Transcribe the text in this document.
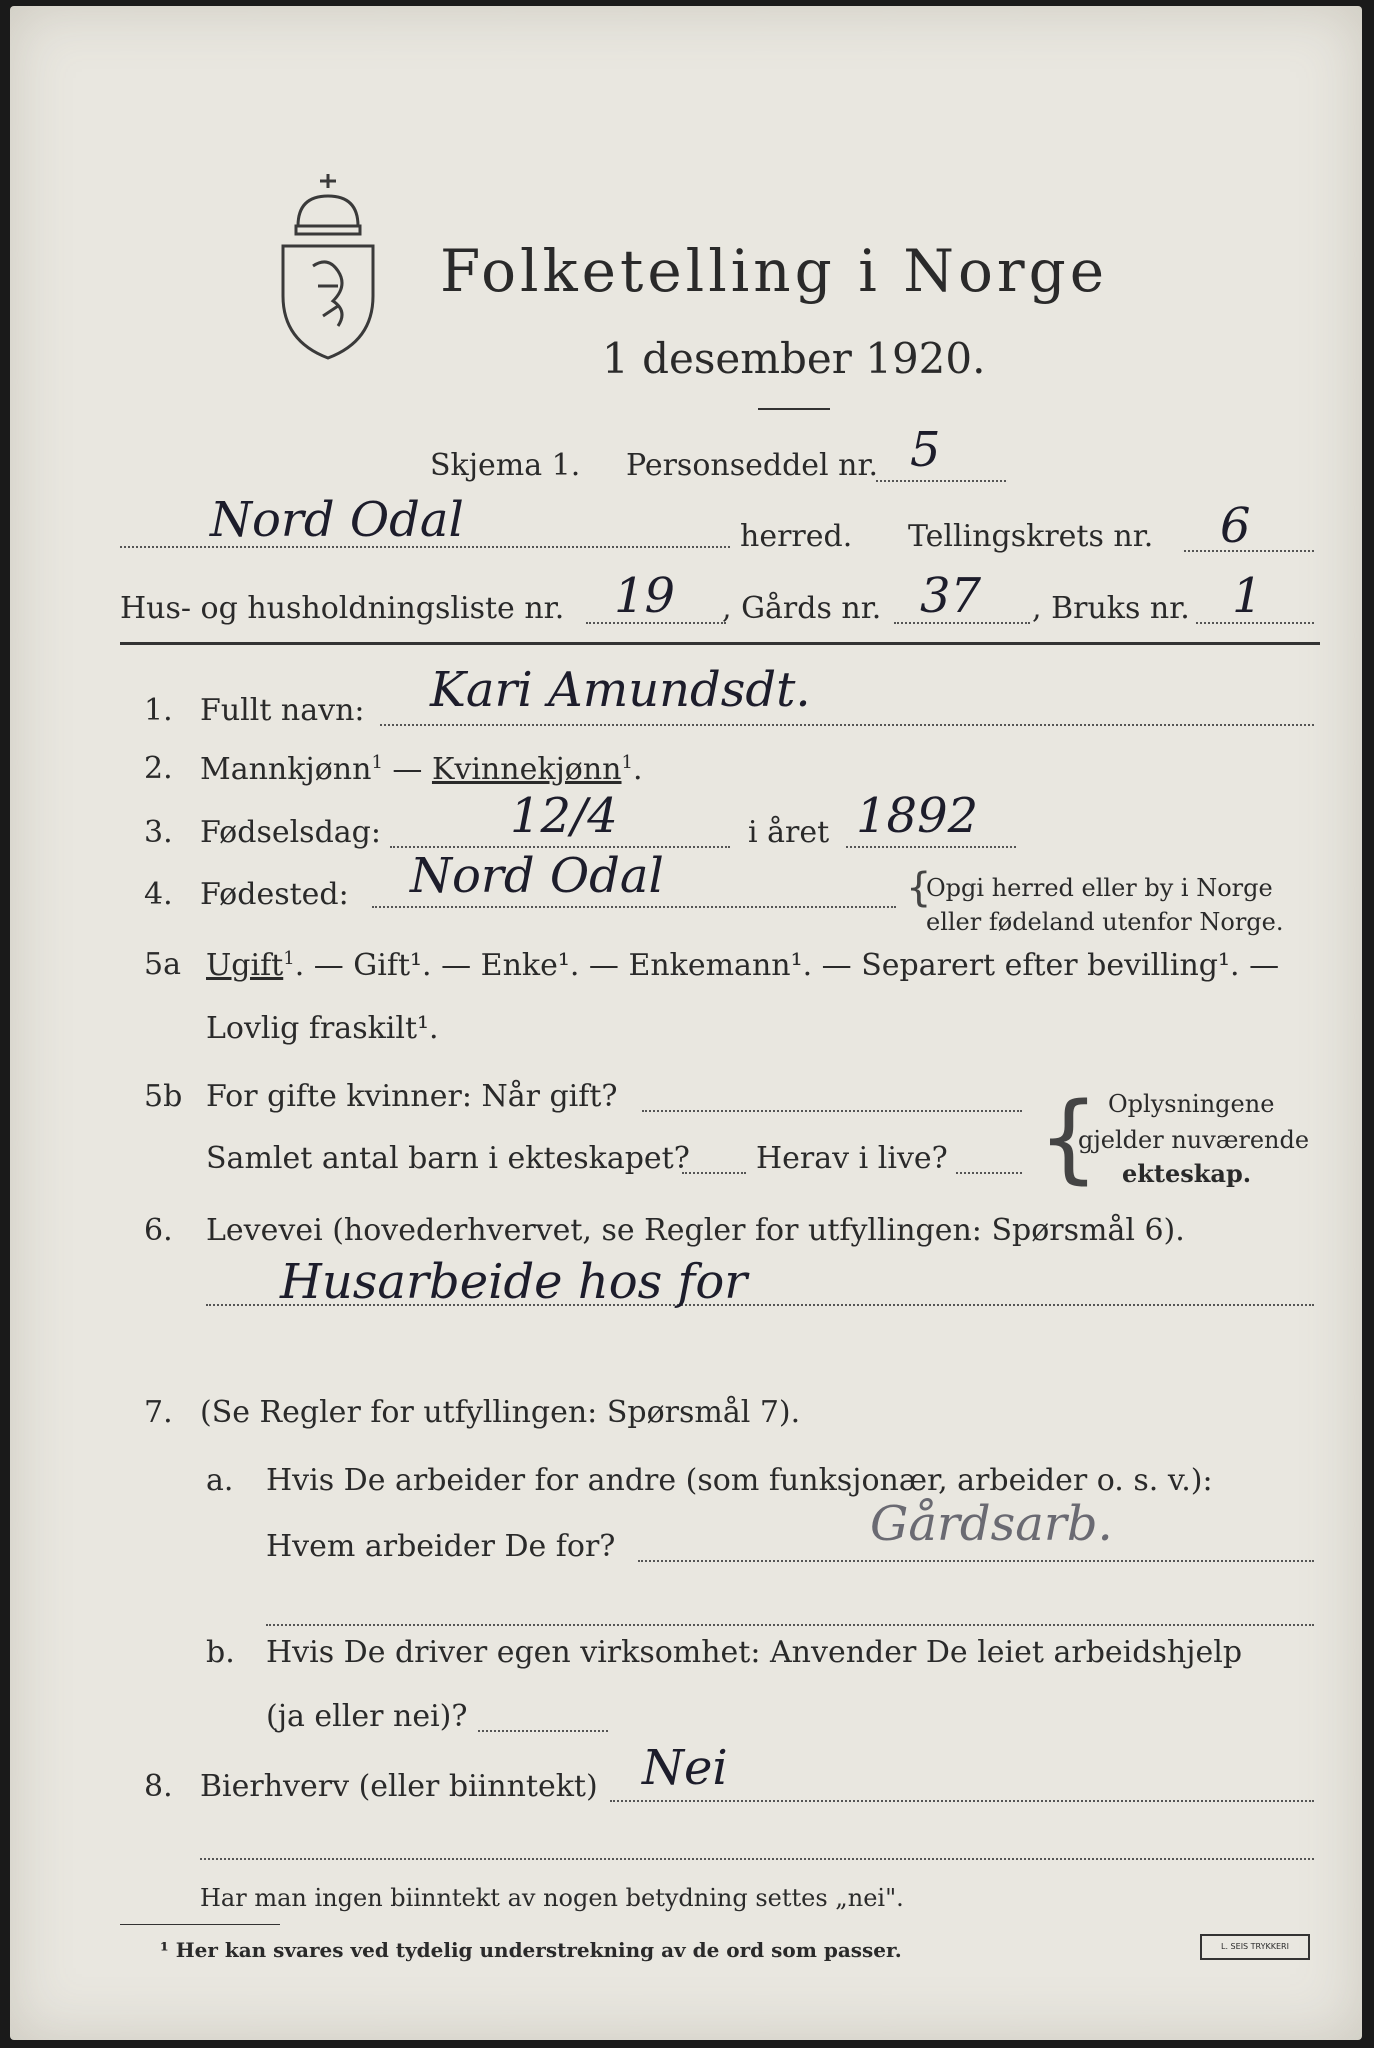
Folketelling i Norge
1 desember 1920.
Skjema 1. Personseddel nr. 5
Nord Odal	herred. Tellingskrets nr. 6
Hus- og husholdningsliste nr. 19 , Gårds nr. 37 , Bruks nr. 1
1. Fullt navn: Kari Amundsdt.
2. Mannkjønn$^1$ — Kvinnekjønn$^1$.
3. Fødselsdag:	12/4	i året 1892
4. Fødested: Nord Odal	{
Opgi herred eller by i Norge
eller fødeland utenfor Norge.
5a Ugift$^1$. — Gift¹. — Enke¹. — Enkemann¹. — Separert efter bevilling¹. —
Lovlig fraskilt¹.
5b For gifte kvinner: Når gift?
Samlet antal barn i ekteskapet? Herav i live? { Oplysningene
gjelder nuværende
ekteskap.
6. Levevei (hovederhvervet, se Regler for utfyllingen: Spørsmål 6).
Husarbeide hos for
7. (Se Regler for utfyllingen: Spørsmål 7).
a. Hvis De arbeider for andre (som funksjonær, arbeider o. s. v.):
Hvem arbeider De for?	Gårdsarb.
b. Hvis De driver egen virksomhet: Anvender De leiet arbeidshjelp
(ja eller nei)?
8. Bierhverv (eller biinntekt) Nei
Har man ingen biinntekt av nogen betydning settes „nei".
¹ Her kan svares ved tydelig understrekning av de ord som passer.	L. SEIS TRYKKERI
